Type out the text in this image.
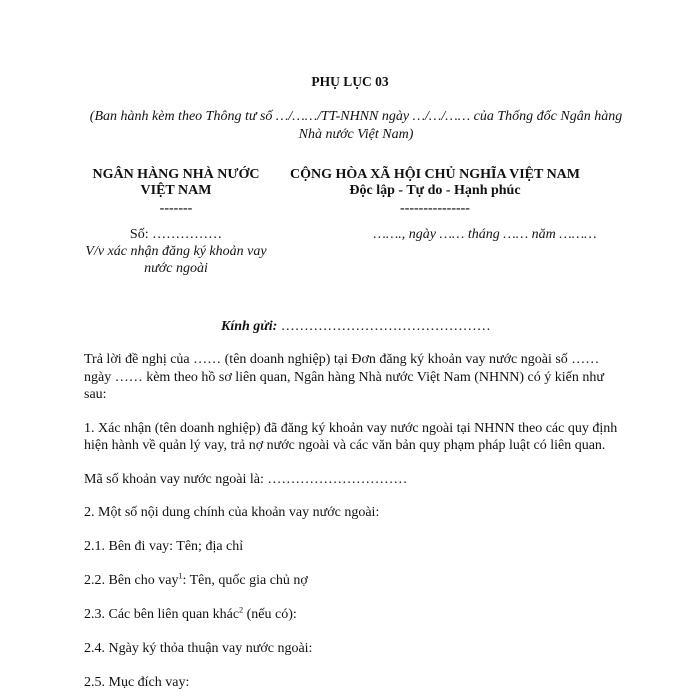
PHỤ LỤC 03
(Ban hành kèm theo Thông tư số …/……/TT-NHNN ngày …/…/…… của Thống đốc Ngân hàng
Nhà nước Việt Nam)
NGÂN HÀNG NHÀ NƯỚC
VIỆT NAM
-------
Số: ……………
V/v xác nhận đăng ký khoản vay
nước ngoài
CỘNG HÒA XÃ HỘI CHỦ NGHĨA VIỆT NAM
Độc lập - Tự do - Hạnh phúc
---------------
……., ngày …… tháng …… năm ………
Kính gửi: ………………………………………
Trả lời đề nghị của …… (tên doanh nghiệp) tại Đơn đăng ký khoản vay nước ngoài số ……
ngày …… kèm theo hồ sơ liên quan, Ngân hàng Nhà nước Việt Nam (NHNN) có ý kiến như
sau:
1. Xác nhận (tên doanh nghiệp) đã đăng ký khoản vay nước ngoài tại NHNN theo các quy định
hiện hành về quản lý vay, trả nợ nước ngoài và các văn bản quy phạm pháp luật có liên quan.
Mã số khoản vay nước ngoài là: …………………………
2. Một số nội dung chính của khoản vay nước ngoài:
2.1. Bên đi vay: Tên; địa chỉ
2.2. Bên cho vay$^1$: Tên, quốc gia chủ nợ
2.3. Các bên liên quan khác$^2$ (nếu có):
2.4. Ngày ký thỏa thuận vay nước ngoài:
2.5. Mục đích vay:
